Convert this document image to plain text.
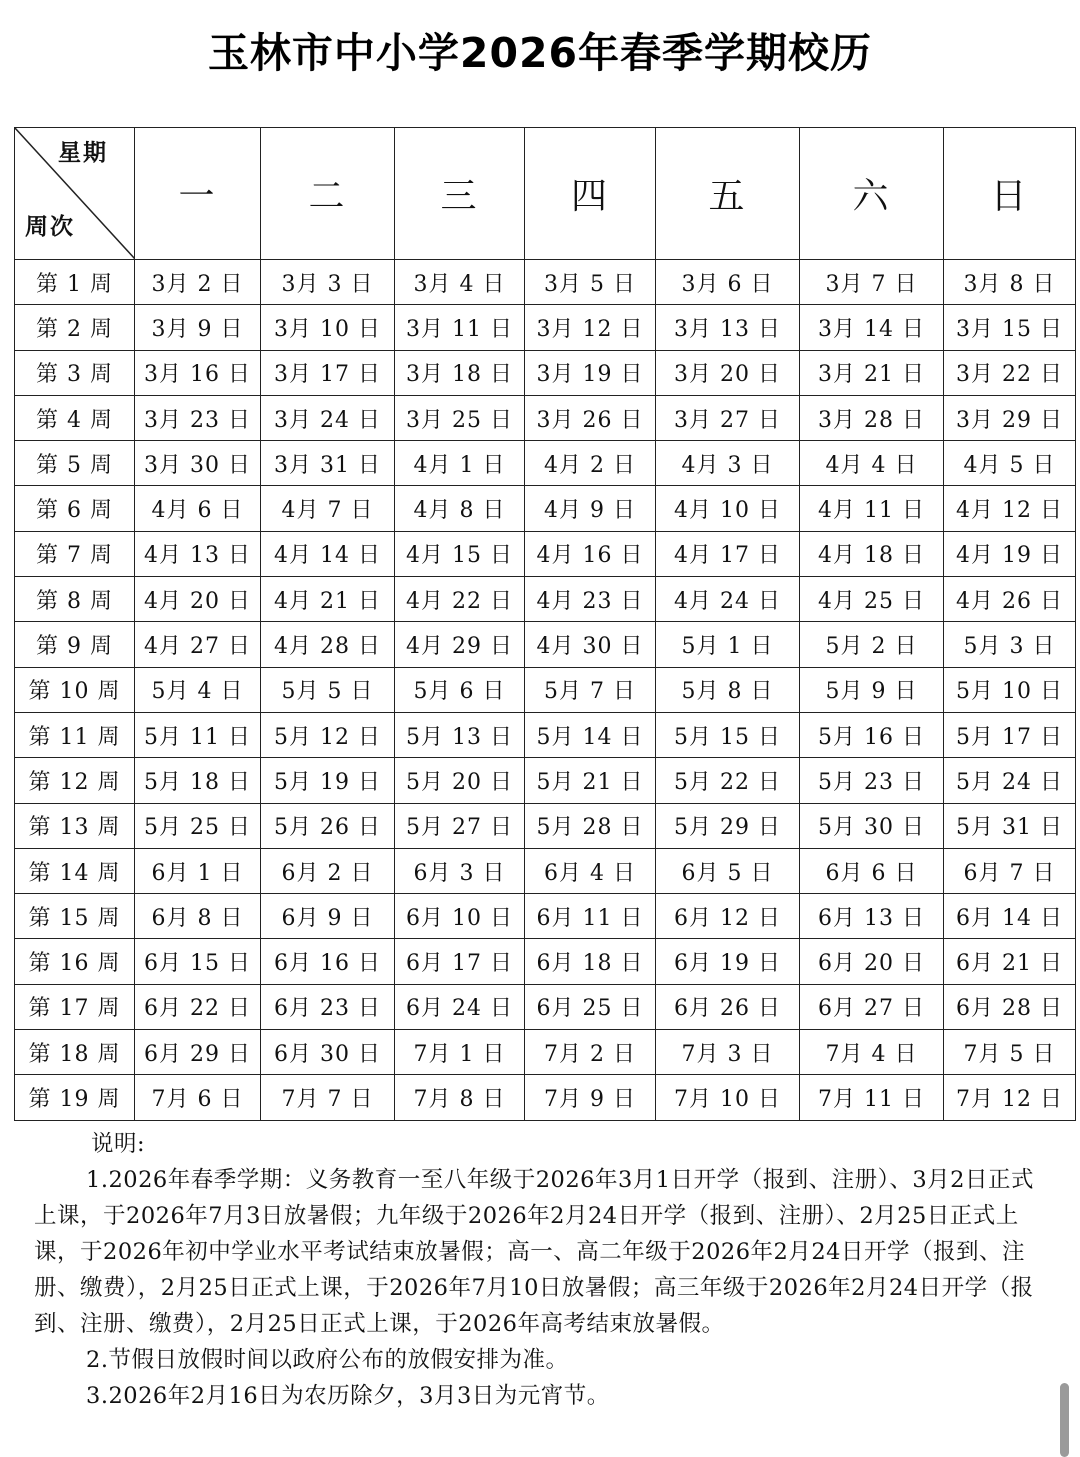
玉林市中小学2026年春季学期校历
星期
周次	一	二	三	四	五	六	日
第 1 周	3月 2 日	3月 3 日	3月 4 日	3月 5 日	3月 6 日	3月 7 日	3月 8 日
第 2 周	3月 9 日	3月 10 日	3月 11 日	3月 12 日	3月 13 日	3月 14 日	3月 15 日
第 3 周	3月 16 日	3月 17 日	3月 18 日	3月 19 日	3月 20 日	3月 21 日	3月 22 日
第 4 周	3月 23 日	3月 24 日	3月 25 日	3月 26 日	3月 27 日	3月 28 日	3月 29 日
第 5 周	3月 30 日	3月 31 日	4月 1 日	4月 2 日	4月 3 日	4月 4 日	4月 5 日
第 6 周	4月 6 日	4月 7 日	4月 8 日	4月 9 日	4月 10 日	4月 11 日	4月 12 日
第 7 周	4月 13 日	4月 14 日	4月 15 日	4月 16 日	4月 17 日	4月 18 日	4月 19 日
第 8 周	4月 20 日	4月 21 日	4月 22 日	4月 23 日	4月 24 日	4月 25 日	4月 26 日
第 9 周	4月 27 日	4月 28 日	4月 29 日	4月 30 日	5月 1 日	5月 2 日	5月 3 日
第 10 周	5月 4 日	5月 5 日	5月 6 日	5月 7 日	5月 8 日	5月 9 日	5月 10 日
第 11 周	5月 11 日	5月 12 日	5月 13 日	5月 14 日	5月 15 日	5月 16 日	5月 17 日
第 12 周	5月 18 日	5月 19 日	5月 20 日	5月 21 日	5月 22 日	5月 23 日	5月 24 日
第 13 周	5月 25 日	5月 26 日	5月 27 日	5月 28 日	5月 29 日	5月 30 日	5月 31 日
第 14 周	6月 1 日	6月 2 日	6月 3 日	6月 4 日	6月 5 日	6月 6 日	6月 7 日
第 15 周	6月 8 日	6月 9 日	6月 10 日	6月 11 日	6月 12 日	6月 13 日	6月 14 日
第 16 周	6月 15 日	6月 16 日	6月 17 日	6月 18 日	6月 19 日	6月 20 日	6月 21 日
第 17 周	6月 22 日	6月 23 日	6月 24 日	6月 25 日	6月 26 日	6月 27 日	6月 28 日
第 18 周	6月 29 日	6月 30 日	7月 1 日	7月 2 日	7月 3 日	7月 4 日	7月 5 日
第 19 周	7月 6 日	7月 7 日	7月 8 日	7月 9 日	7月 10 日	7月 11 日	7月 12 日

说明:

1.2026年春季学期：义务教育一至八年级于2026年3月1日开学（报到、注册）、3月2日正式上课，于2026年7月3日放暑假；九年级于2026年2月24日开学（报到、注册）、2月25日正式上课，于2026年初中学业水平考试结束放暑假；高一、高二年级于2026年2月24日开学（报到、注册、缴费），2月25日正式上课，于2026年7月10日放暑假；高三年级于2026年2月24日开学（报到、注册、缴费），2月25日正式上课，于2026年高考结束放暑假。

2.节假日放假时间以政府公布的放假安排为准。

3.2026年2月16日为农历除夕，3月3日为元宵节。
